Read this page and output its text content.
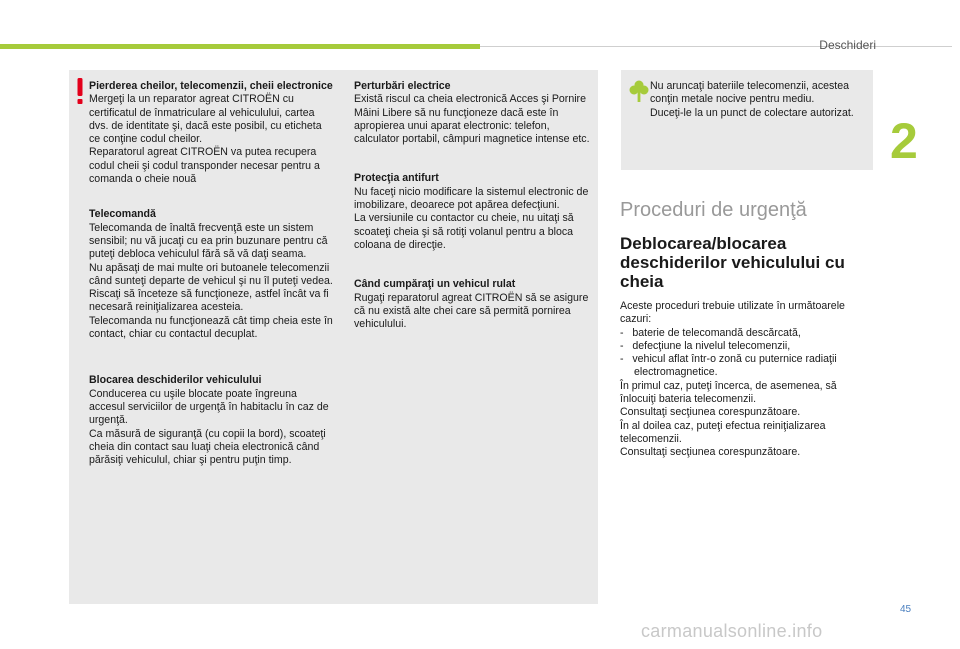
Deschideri
2

Pierderea cheilor, telecomenzii, cheii electronice

Mergeţi la un reparator agreat CITROËN cu certificatul de înmatriculare al vehiculului, cartea dvs. de identitate şi, dacă este posibil, cu eticheta ce conţine codul cheilor.

Reparatorul agreat CITROËN va putea recupera codul cheii şi codul transponder necesar pentru a comanda o cheie nouă

Telecomandă

Telecomanda de înaltă frecvenţă este un sistem sensibil; nu vă jucaţi cu ea prin buzunare pentru că puteţi debloca vehiculul fără să vă daţi seama.

Nu apăsaţi de mai multe ori butoanele telecomenzii când sunteţi departe de vehicul şi nu îl puteţi vedea. Riscaţi să înceteze să funcţioneze, astfel încât va fi necesară reiniţializarea acesteia.

Telecomanda nu funcţionează cât timp cheia este în contact, chiar cu contactul decuplat.

Blocarea deschiderilor vehiculului

Conducerea cu uşile blocate poate îngreuna accesul serviciilor de urgenţă în habitaclu în caz de urgenţă.

Ca măsură de siguranţă (cu copii la bord), scoateţi cheia din contact sau luaţi cheia electronică când părăsiţi vehiculul, chiar şi pentru puţin timp.

Perturbări electrice

Există riscul ca cheia electronică Acces şi Pornire Mâini Libere să nu funcţioneze dacă este în apropierea unui aparat electronic: telefon, calculator portabil, câmpuri magnetice intense etc.

Protecţia antifurt

Nu faceţi nicio modificare la sistemul electronic de imobilizare, deoarece pot apărea defecţiuni.

La versiunile cu contactor cu cheie, nu uitaţi să scoateţi cheia şi să rotiţi volanul pentru a bloca coloana de direcţie.

Când cumpăraţi un vehicul rulat

Rugaţi reparatorul agreat CITROËN să se asigure că nu există alte chei care să permită pornirea vehiculului.

Nu aruncaţi bateriile telecomenzii, acestea conţin metale nocive pentru mediu.

Duceţi-le la un punct de colectare autorizat.

Proceduri de urgenţă
Deblocarea/blocarea deschiderilor vehiculului cu cheia

Aceste proceduri trebuie utilizate în următoarele cazuri:

-   baterie de telecomandă descărcată,

-   defecţiune la nivelul telecomenzii,

-   vehicul aflat într-o zonă cu puternice radiaţii electromagnetice.

În primul caz, puteţi încerca, de asemenea, să înlocuiţi bateria telecomenzii.

Consultaţi secţiunea corespunzătoare.

În al doilea caz, puteţi efectua reiniţializarea telecomenzii.

Consultaţi secţiunea corespunzătoare.

45
carmanualsonline.info
